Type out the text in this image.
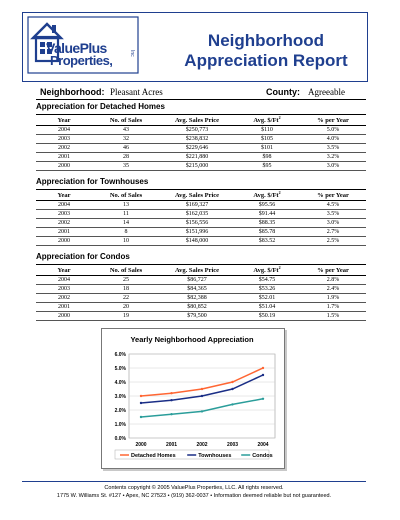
ValuePlus
Properties,	Inc
Neighborhood
Appreciation Report
Neighborhood: Pleasant Acres	County: Agreeable
Appreciation for Detached Homes
Year	No. of Sales	Avg. Sales Price	Avg. $/Ft$^2$	% per Year
2004	43	$250,773	$110	5.0%
2003	32	$238,832	$105	4.0%
2002	46	$229,646	$101	3.5%
2001	28	$221,880	$98	3.2%
2000	35	$215,000	$95	3.0%
Appreciation for Townhouses
Year	No. of Sales	Avg. Sales Price	Avg. $/Ft$^2$	% per Year
2004	13	$169,327	$95.56	4.5%
2003	11	$162,035	$91.44	3.5%
2002	14	$156,556	$88.35	3.0%
2001	8	$151,996	$85.78	2.7%
2000	10	$148,000	$83.52	2.5%
Appreciation for Condos
Year	No. of Sales	Avg. Sales Price	Avg. $/Ft$^2$	% per Year
2004	25	$86,727	$54.75	2.8%
2003	18	$84,365	$53.26	2.4%
2002	22	$82,388	$52.01	1.9%
2001	20	$80,852	$51.04	1.7%
2000	19	$79,500	$50.19	1.5%
Yearly Neighborhood Appreciation
0.0%
1.0%
2.0%
3.0%
4.0%
5.0%
6.0%
2000	2001	2002	2003	2004
Detached Homes	Townhouses	Condos
Contents copyright © 2005 ValuePlus Properties, LLC. All rights reserved.
1775 W. Williams St. #127 • Apex, NC 27523 • (919) 362-0037 • Information deemed reliable but not guaranteed.
